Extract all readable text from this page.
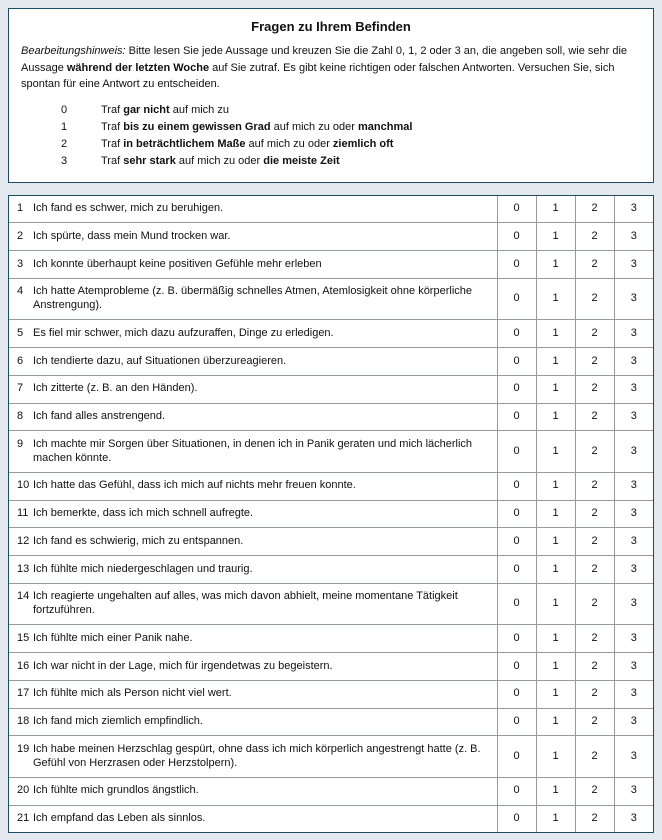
Fragen zu Ihrem Befinden

Bearbeitungshinweis: Bitte lesen Sie jede Aussage und kreuzen Sie die Zahl 0, 1, 2 oder 3 an, die angeben soll, wie sehr die Aussage während der letzten Woche auf Sie zutraf. Es gibt keine richtigen oder falschen Antworten. Versuchen Sie, sich spontan für eine Antwort zu entscheiden.

0	Traf gar nicht auf mich zu
1	Traf bis zu einem gewissen Grad auf mich zu oder manchmal
2	Traf in beträchtlichem Maße auf mich zu oder ziemlich oft
3	Traf sehr stark auf mich zu oder die meiste Zeit
1 Ich fand es schwer, mich zu beruhigen.	0	1	2	3

2 Ich spürte, dass mein Mund trocken war.	0	1	2	3

3 Ich konnte überhaupt keine positiven Gefühle mehr erleben	0	1	2	3

4 Ich hatte Atemprobleme (z. B. übermäßig schnelles Atmen, Atemlosigkeit ohne körperliche Anstrengung).	0	1	2	3

5 Es fiel mir schwer, mich dazu aufzuraffen, Dinge zu erledigen.	0	1	2	3

6 Ich tendierte dazu, auf Situationen überzureagieren.	0	1	2	3

7 Ich zitterte (z. B. an den Händen).	0	1	2	3

8 Ich fand alles anstrengend.	0	1	2	3

9 Ich machte mir Sorgen über Situationen, in denen ich in Panik geraten und mich lächerlich machen könnte.	0	1	2	3

10 Ich hatte das Gefühl, dass ich mich auf nichts mehr freuen konnte.	0	1	2	3

11 Ich bemerkte, dass ich mich schnell aufregte.	0	1	2	3

12 Ich fand es schwierig, mich zu entspannen.	0	1	2	3

13 Ich fühlte mich niedergeschlagen und traurig.	0	1	2	3

14 Ich reagierte ungehalten auf alles, was mich davon abhielt, meine momentane Tätigkeit fortzuführen.	0	1	2	3

15 Ich fühlte mich einer Panik nahe.	0	1	2	3

16 Ich war nicht in der Lage, mich für irgendetwas zu begeistern.	0	1	2	3

17 Ich fühlte mich als Person nicht viel wert.	0	1	2	3

18 Ich fand mich ziemlich empfindlich.	0	1	2	3

19 Ich habe meinen Herzschlag gespürt, ohne dass ich mich körperlich angestrengt hatte (z. B. Gefühl von Herzrasen oder Herzstolpern).	0	1	2	3

20 Ich fühlte mich grundlos ängstlich.	0	1	2	3

21 Ich empfand das Leben als sinnlos.	0	1	2	3
